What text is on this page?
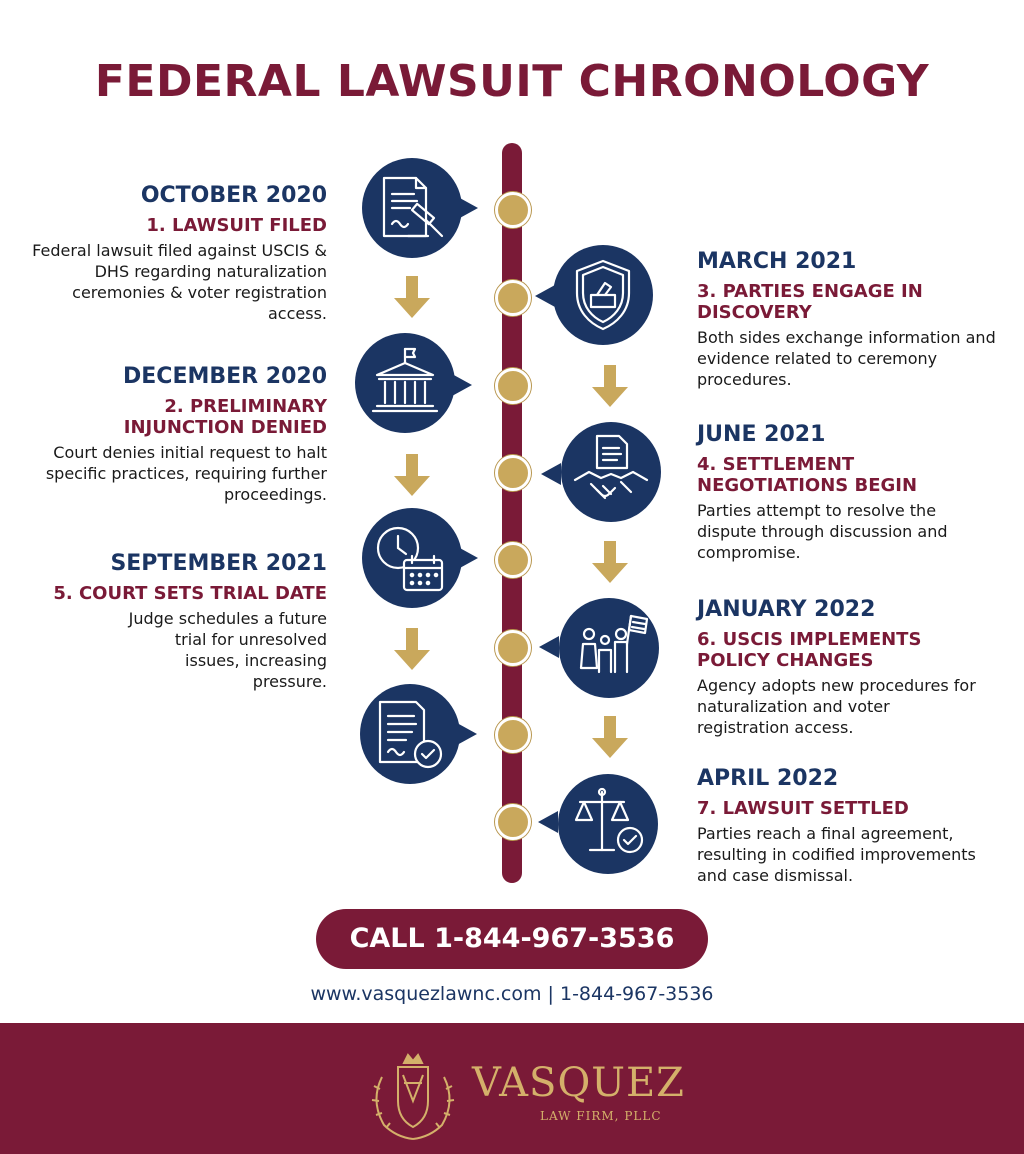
FEDERAL LAWSUIT CHRONOLOGY
OCTOBER 2020
1. LAWSUIT FILED
Federal lawsuit filed against USCIS & DHS regarding naturalization ceremonies & voter registration access.
DECEMBER 2020
2. PRELIMINARY INJUNCTION DENIED
Court denies initial request to halt specific practices, requiring further proceedings.
SEPTEMBER 2021
5. COURT SETS TRIAL DATE
Judge schedules a future trial for unresolved issues, increasing pressure.
MARCH 2021
3. PARTIES ENGAGE IN DISCOVERY
Both sides exchange information and evidence related to ceremony procedures.
JUNE 2021
4. SETTLEMENT NEGOTIATIONS BEGIN
Parties attempt to resolve the dispute through discussion and compromise.
JANUARY 2022
6. USCIS IMPLEMENTS POLICY CHANGES
Agency adopts new procedures for naturalization and voter registration access.
APRIL 2022
7. LAWSUIT SETTLED
Parties reach a final agreement, resulting in codified improvements and case dismissal.
CALL 1-844-967-3536
www.vasquezlawnc.com | 1-844-967-3536
VASQUEZ
LAW FIRM, PLLC
